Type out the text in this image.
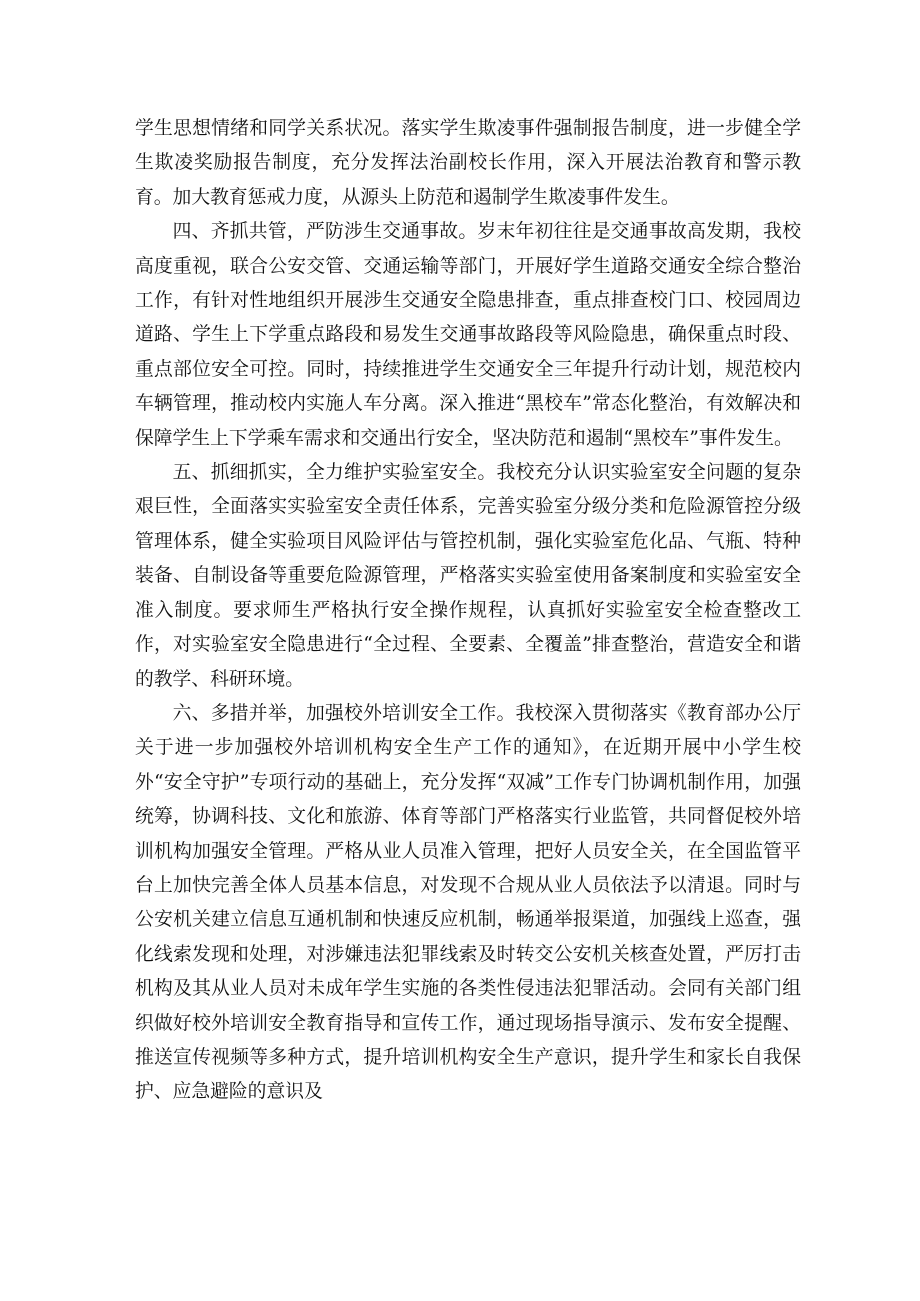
学生思想情绪和同学关系状况。落实学生欺凌事件强制报告制度，进一步健全学生欺凌奖励报告制度，充分发挥法治副校长作用，深入开展法治教育和警示教育。加大教育惩戒力度，从源头上防范和遏制学生欺凌事件发生。

四、齐抓共管，严防涉生交通事故。岁末年初往往是交通事故高发期，我校高度重视，联合公安交管、交通运输等部门，开展好学生道路交通安全综合整治工作，有针对性地组织开展涉生交通安全隐患排查，重点排查校门口、校园周边道路、学生上下学重点路段和易发生交通事故路段等风险隐患，确保重点时段、重点部位安全可控。同时，持续推进学生交通安全三年提升行动计划，规范校内车辆管理，推动校内实施人车分离。深入推进“黑校车”常态化整治，有效解决和保障学生上下学乘车需求和交通出行安全，坚决防范和遏制“黑校车”事件发生。

五、抓细抓实，全力维护实验室安全。我校充分认识实验室安全问题的复杂艰巨性，全面落实实验室安全责任体系，完善实验室分级分类和危险源管控分级管理体系，健全实验项目风险评估与管控机制，强化实验室危化品、气瓶、特种装备、自制设备等重要危险源管理，严格落实实验室使用备案制度和实验室安全准入制度。要求师生严格执行安全操作规程，认真抓好实验室安全检查整改工作，对实验室安全隐患进行“全过程、全要素、全覆盖”排查整治，营造安全和谐的教学、科研环境。

六、多措并举，加强校外培训安全工作。我校深入贯彻落实《教育部办公厅关于进一步加强校外培训机构安全生产工作的通知》，在近期开展中小学生校外“安全守护”专项行动的基础上，充分发挥“双减”工作专门协调机制作用，加强统筹，协调科技、文化和旅游、体育等部门严格落实行业监管，共同督促校外培训机构加强安全管理。严格从业人员准入管理，把好人员安全关，在全国监管平台上加快完善全体人员基本信息，对发现不合规从业人员依法予以清退。同时与公安机关建立信息互通机制和快速反应机制，畅通举报渠道，加强线上巡查，强化线索发现和处理，对涉嫌违法犯罪线索及时转交公安机关核查处置，严厉打击机构及其从业人员对未成年学生实施的各类性侵违法犯罪活动。会同有关部门组织做好校外培训安全教育指导和宣传工作，通过现场指导演示、发布安全提醒、推送宣传视频等多种方式，提升培训机构安全生产意识，提升学生和家长自我保护、应急避险的意识及
